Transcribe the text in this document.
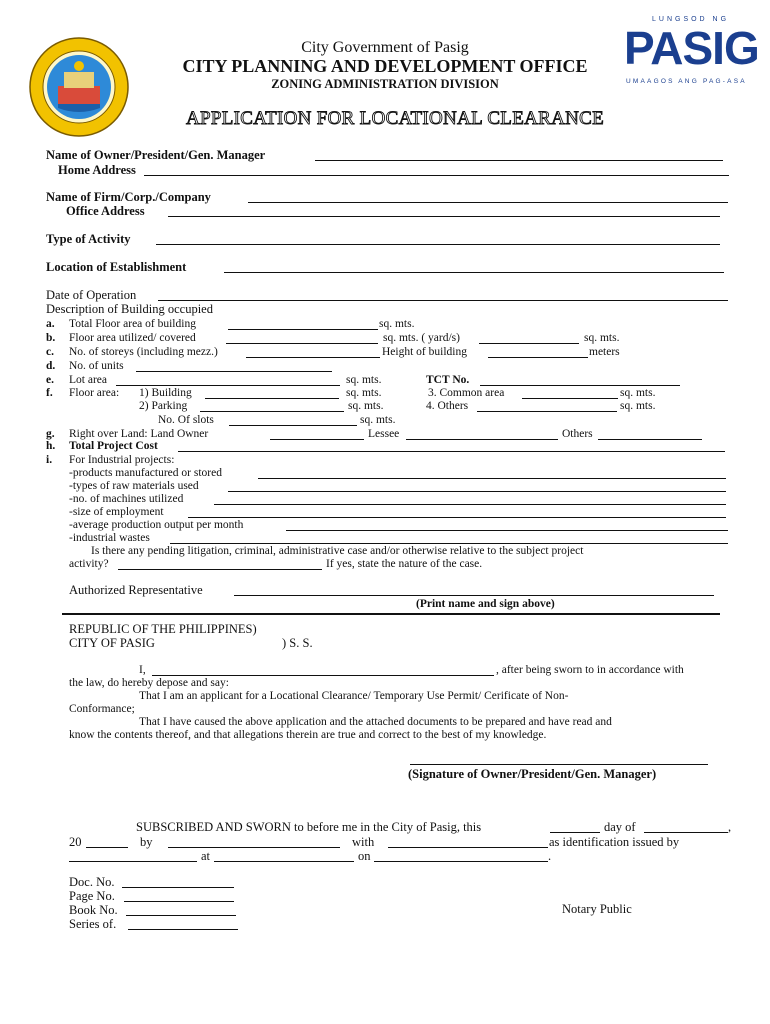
City Government of Pasig
CITY PLANNING AND DEVELOPMENT OFFICE
ZONING ADMINISTRATION DIVISION
LUNGSOD NG
PASIG
UMAAGOS ANG PAG-ASA
APPLICATION FOR LOCATIONAL CLEARANCE
Name of Owner/President/Gen. Manager
Home Address
Name of Firm/Corp./Company
Office Address
Type of Activity
Location of Establishment
Date of Operation
Description of Building occupied
a. Total Floor area of building	sq. mts.
b. Floor area utilized/ covered	sq. mts. ( yard/s)	sq. mts.
c. No. of storeys (including mezz.)	Height of building	meters
d. No. of units
e. Lot area	sq. mts.	TCT No.
f. Floor area: 1) Building	sq. mts.	3. Common area	sq. mts.
2) Parking	sq. mts.	4. Others	sq. mts.
No. Of slots	sq. mts.
g. Right over Land: Land Owner	Lessee	Others
h. Total Project Cost
i. For Industrial projects:
-products manufactured or stored
-types of raw materials used
-no. of machines utilized
-size of employment
-average production output per month
-industrial wastes
Is there any pending litigation, criminal, administrative case and/or otherwise relative to the subject project
activity?	If yes, state the nature of the case.
Authorized Representative
(Print name and sign above)
REPUBLIC OF THE PHILIPPINES)
CITY OF PASIG	) S. S.
I,	, after being sworn to in accordance with
the law, do hereby depose and say:
That I am an applicant for a Locational Clearance/ Temporary Use Permit/ Cerificate of Non-
Conformance;
That I have caused the above application and the attached documents to be prepared and have read and
know the contents thereof, and that allegations therein are true and correct to the best of my knowledge.
(Signature of Owner/President/Gen. Manager)
SUBSCRIBED AND SWORN to before me in the City of Pasig, this	day of	,
20	by	with	as identification issued by
at	on	.
Doc. No.
Page No.
Book No.
Series of.
Notary Public
